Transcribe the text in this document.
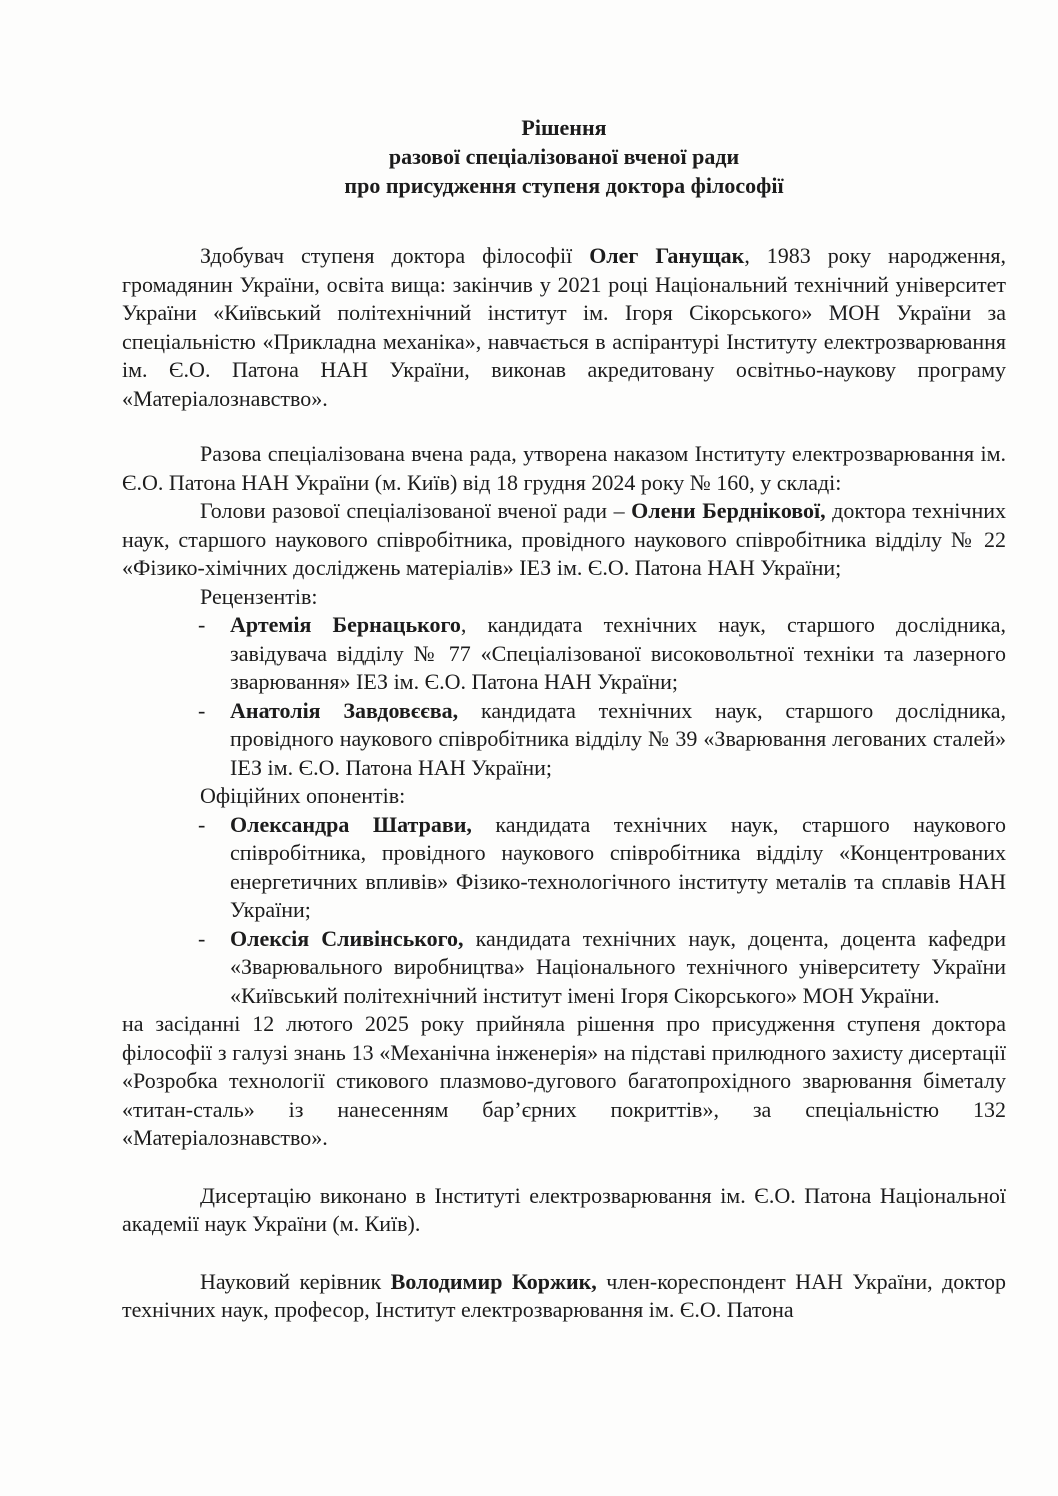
Рішення
разової спеціалізованої вченої ради
про присудження ступеня доктора філософії

Здобувач ступеня доктора філософії Олег Ганущак, 1983 року народження, громадянин України, освіта вища: закінчив у 2021 році Національний технічний університет України «Київський політехнічний інститут ім. Ігоря Сікорського» МОН України за спеціальністю «Прикладна механіка», навчається в аспірантурі Інституту електрозварювання ім. Є.О. Патона НАН України, виконав акредитовану освітньо-наукову програму «Матеріалознавство».

Разова спеціалізована вчена рада, утворена наказом Інституту електрозварювання ім. Є.О. Патона НАН України (м. Київ) від 18 грудня 2024 року № 160, у складі:

Голови разової спеціалізованої вченої ради – Олени Берднікової, доктора технічних наук, старшого наукового співробітника, провідного наукового співробітника відділу № 22 «Фізико-хімічних досліджень матеріалів» ІЕЗ ім. Є.О. Патона НАН України;

Рецензентів:

- Артемія Бернацького, кандидата технічних наук, старшого дослідника, завідувача відділу № 77 «Спеціалізованої високовольтної техніки та лазерного зварювання» ІЕЗ ім. Є.О. Патона НАН України;
- Анатолія Завдовєєва, кандидата технічних наук, старшого дослідника, провідного наукового співробітника відділу № 39 «Зварювання легованих сталей» ІЕЗ ім. Є.О. Патона НАН України;

Офіційних опонентів:

- Олександра Шатрави, кандидата технічних наук, старшого наукового співробітника, провідного наукового співробітника відділу «Концентрованих енергетичних впливів» Фізико-технологічного інституту металів та сплавів НАН України;
- Олексія Сливінського, кандидата технічних наук, доцента, доцента кафедри «Зварювального виробництва» Національного технічного університету України «Київський політехнічний інститут імені Ігоря Сікорського» МОН України.

на засіданні 12 лютого 2025 року прийняла рішення про присудження ступеня доктора філософії з галузі знань 13 «Механічна інженерія» на підставі прилюдного захисту дисертації «Розробка технології стикового плазмово-дугового багатопрохідного зварювання біметалу «титан-сталь» із нанесенням бар’єрних покриттів», за спеціальністю 132 «Матеріалознавство».

Дисертацію виконано в Інституті електрозварювання ім. Є.О. Патона Національної академії наук України (м. Київ).

Науковий керівник Володимир Коржик, член-кореспондент НАН України, доктор технічних наук, професор, Інститут електрозварювання ім. Є.О. Патона
